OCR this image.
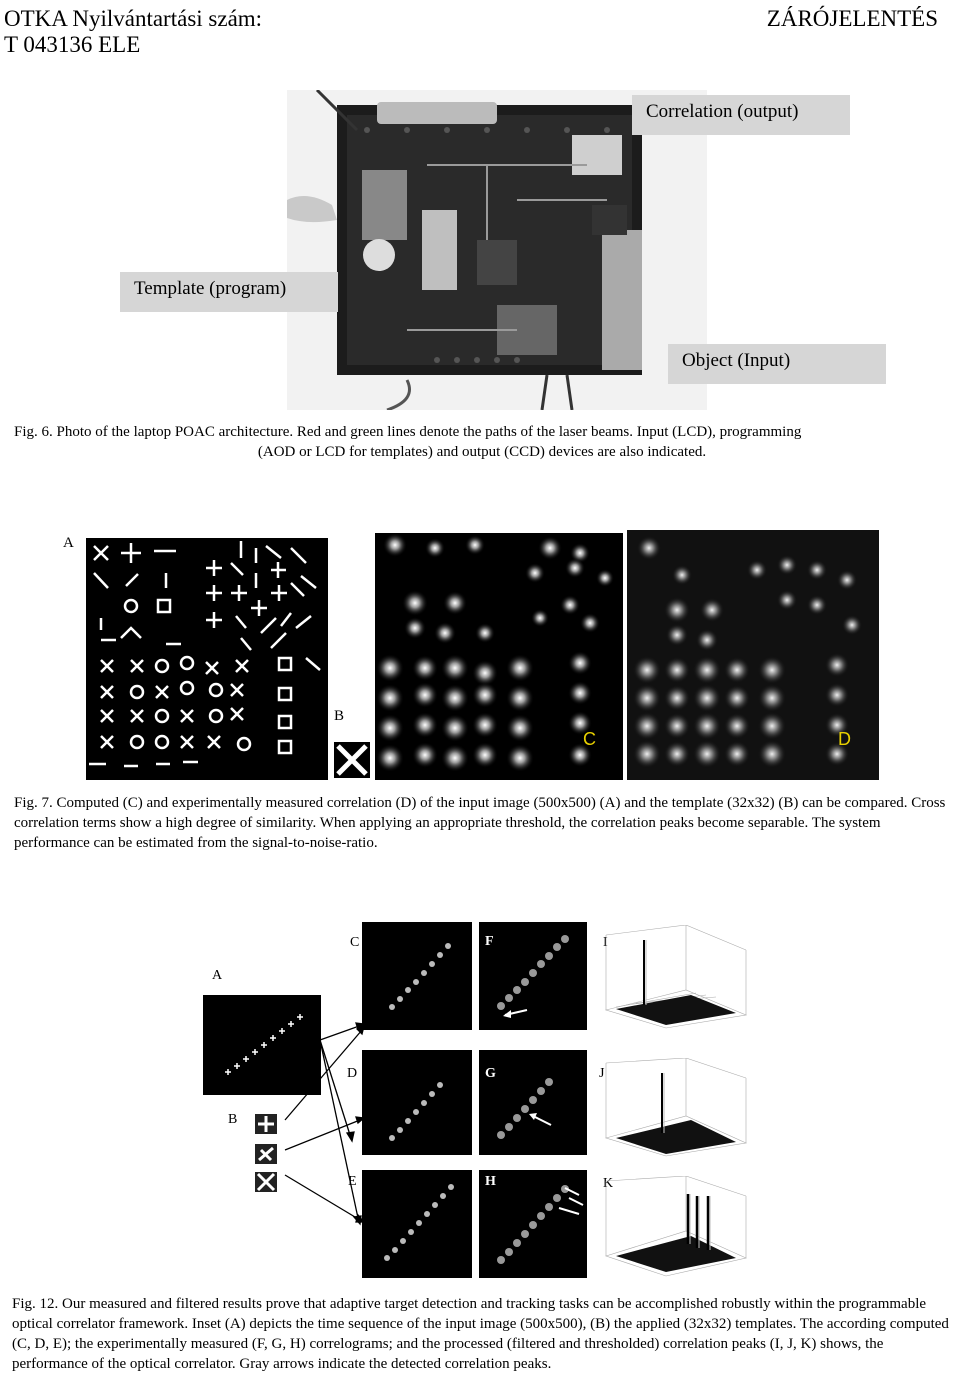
OTKA Nyilvántartási szám:
T 043136 ELE
ZÁRÓJELENTÉS
Correlation (output)
Template (program)
Object (Input)
Fig. 6. Photo of the laptop POAC architecture. Red and green lines denote the paths of the laser beams. Input (LCD), programming
(AOD or LCD for templates) and output (CCD) devices are also indicated.
A
B
C	D
Fig. 7. Computed (C) and experimentally measured correlation (D) of the input image (500x500) (A) and the template (32x32) (B) can be compared. Cross correlation terms show a high degree of similarity. When applying an appropriate threshold, the correlation peaks become separable. The system performance can be estimated from the signal-to-noise-ratio.
A
B
C
D
E
F
G
H
I
J
K
Fig. 12. Our measured and filtered results prove that adaptive target detection and tracking tasks can be accomplished robustly within the programmable optical correlator framework. Inset (A) depicts the time sequence of the input image (500x500), (B) the applied (32x32) templates. The according computed (C, D, E); the experimentally measured (F, G, H) correlograms; and the processed (filtered and thresholded) correlation peaks (I, J, K) shows, the performance of the optical correlator. Gray arrows indicate the detected correlation peaks.
